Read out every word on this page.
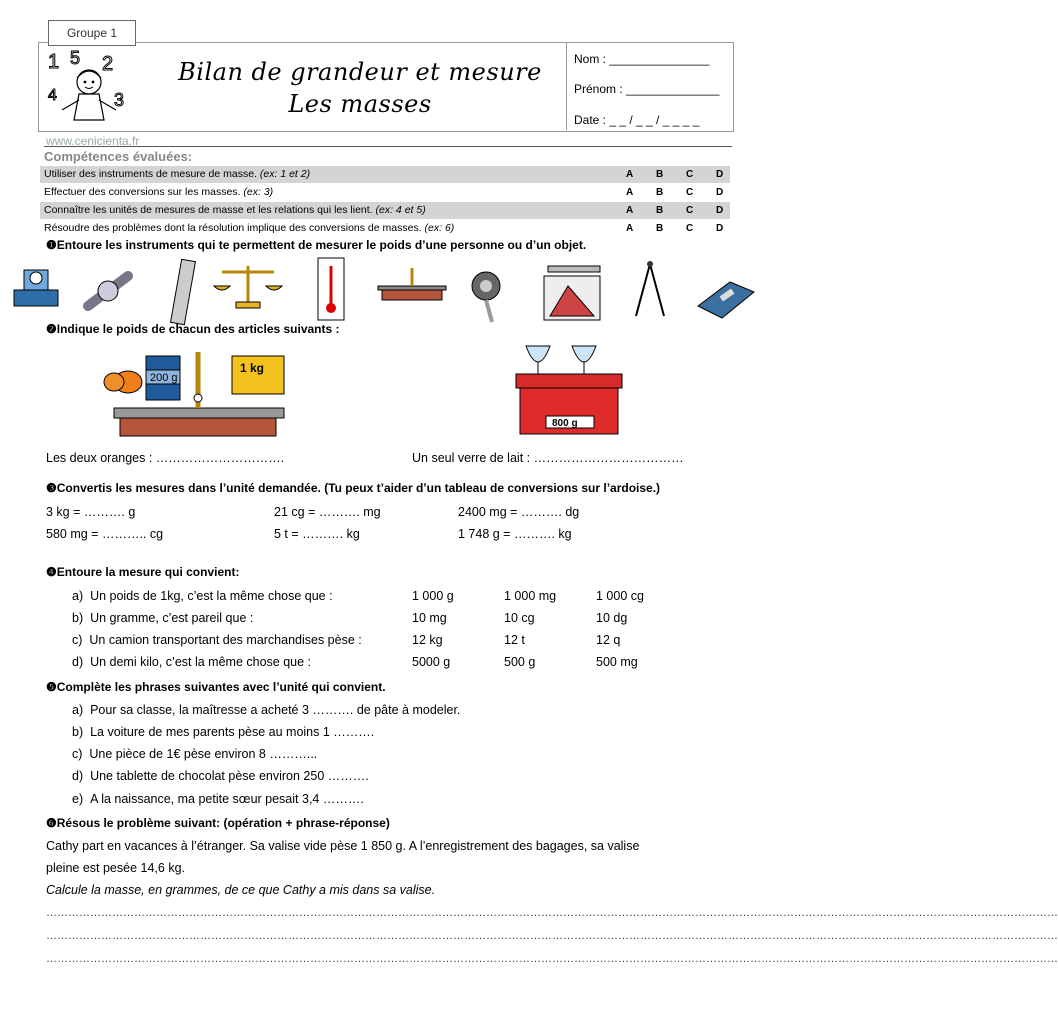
Groupe 1
1 5 2
4	3
Bilan de grandeur et mesure
Les masses
Nom : _______________
Prénom : ______________
Date : _ _ / _ _ / _ _ _ _
www.cenicienta.fr
Compétences évaluées:
Utiliser des instruments de mesure de masse. (ex: 1 et 2)	A B C D
Effectuer des conversions sur les masses. (ex: 3)	A B C D
Connaître les unités de mesures de masse et les relations qui les lient. (ex: 4 et 5)	A B C D
Résoudre des problèmes dont la résolution implique des conversions de masses. (ex: 6)	A B C D
❶Entoure les instruments qui te permettent de mesurer le poids d’une personne ou d’un objet.
❷Indique le poids de chacun des articles suivants :
200 g
1 kg
800 g
Les deux oranges : ………………………….	Un seul verre de lait : ………………………………
❸Convertis les mesures dans l’unité demandée. (Tu peux t’aider d’un tableau de conversions sur l’ardoise.)
3 kg = ………. g	21 cg = ………. mg	2400 mg = ………. dg
580 mg = ……….. cg	5 t = ………. kg	1 748 g = ………. kg
❹Entoure la mesure qui convient:
a) Un poids de 1kg, c’est la même chose que :	1 000 g	1 000 mg	1 000 cg
b) Un gramme, c’est pareil que :	10 mg	10 cg	10 dg
c) Un camion transportant des marchandises pèse :	12 kg	12 t	12 q
d) Un demi kilo, c’est la même chose que :	5000 g	500 g	500 mg
❺Complète les phrases suivantes avec l’unité qui convient.
a) Pour sa classe, la maîtresse a acheté 3 ………. de pâte à modeler.
b) La voiture de mes parents pèse au moins 1 ……….
c) Une pièce de 1€ pèse environ 8 ………...
d) Une tablette de chocolat pèse environ 250 ……….
e) A la naissance, ma petite sœur pesait 3,4 ……….
❻Résous le problème suivant: (opération + phrase-réponse)
Cathy part en vacances à l’étranger. Sa valise vide pèse 1 850 g. A l’enregistrement des bagages, sa valise
pleine est pesée 14,6 kg.
Calcule la masse, en grammes, de ce que Cathy a mis dans sa valise.
……………………………………………………………………………………………………………………………………………………………………………………………………………………………………………………
……………………………………………………………………………………………………………………………………………………………………………………………………………………………………………………
……………………………………………………………………………………………………………………………………………………………………………………………………………………………………………………
